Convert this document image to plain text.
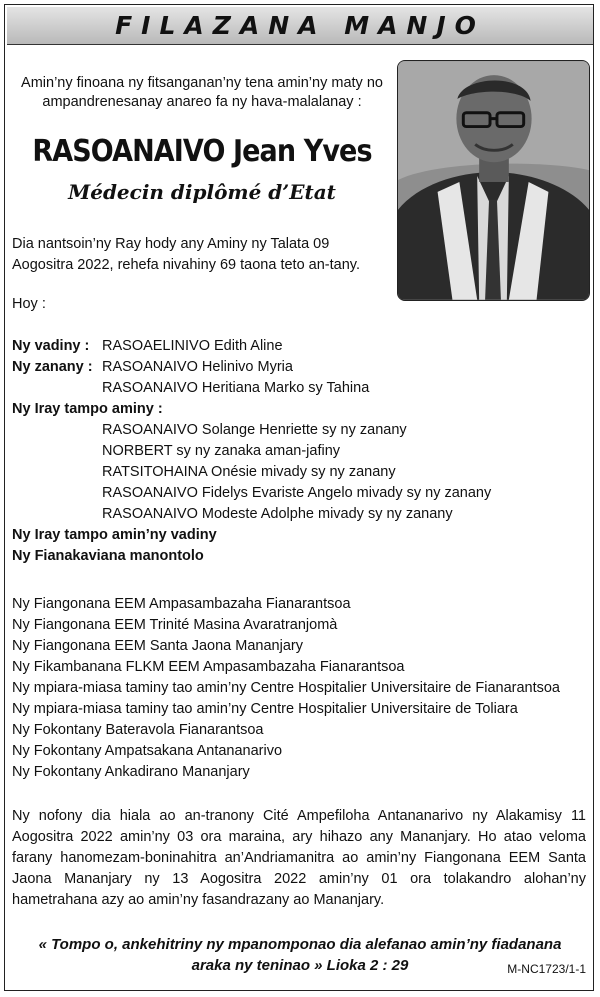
FILAZANA MANJO
Amin’ny finoana ny fitsanganan’ny tena amin’ny maty no ampandrenesanay anareo fa ny hava-malalanay :
RASOANAIVO Jean Yves
Médecin diplômé d’Etat
Dia nantsoin’ny Ray hody any Aminy ny Talata 09 Aogositra 2022, rehefa nivahiny 69 taona teto an-tany.
Hoy :
Ny vadiny : RASOAELINIVO Edith Aline
Ny zanany : RASOANAIVO Helinivo Myria
RASOANAIVO Heritiana Marko sy Tahina
Ny Iray tampo aminy :
RASOANAIVO Solange Henriette sy ny zanany
NORBERT sy ny zanaka aman-jafiny
RATSITOHAINA Onésie mivady sy ny zanany
RASOANAIVO Fidelys Evariste Angelo mivady sy ny zanany
RASOANAIVO Modeste Adolphe mivady sy ny zanany
Ny Iray tampo amin’ny vadiny
Ny Fianakaviana manontolo
Ny Fiangonana EEM Ampasambazaha Fianarantsoa
Ny Fiangonana EEM Trinité Masina Avaratranjomà
Ny Fiangonana EEM Santa Jaona Mananjary
Ny Fikambanana FLKM EEM Ampasambazaha Fianarantsoa
Ny mpiara-miasa taminy tao amin’ny Centre Hospitalier Universitaire de Fianarantsoa
Ny mpiara-miasa taminy tao amin’ny Centre Hospitalier Universitaire de Toliara
Ny Fokontany Bateravola Fianarantsoa
Ny Fokontany Ampatsakana Antananarivo
Ny Fokontany Ankadirano Mananjary
Ny nofony dia hiala ao an-tranony Cité Ampefiloha Antananarivo ny Alakamisy 11 Aogositra 2022 amin’ny 03 ora maraina, ary hihazo any Mananjary. Ho atao veloma farany hanomezam-boninahitra an’Andriamanitra ao amin’ny Fiangonana EEM Santa Jaona Mananjary ny 13 Aogositra 2022 amin’ny 01 ora tolakandro alohan’ny hametrahana azy ao amin’ny fasandrazany ao Mananjary.
« Tompo o, ankehitriny ny mpanomponao dia alefanao amin’ny fiadanana
araka ny teninao » Lioka 2 : 29	M-NC1723/1-1
